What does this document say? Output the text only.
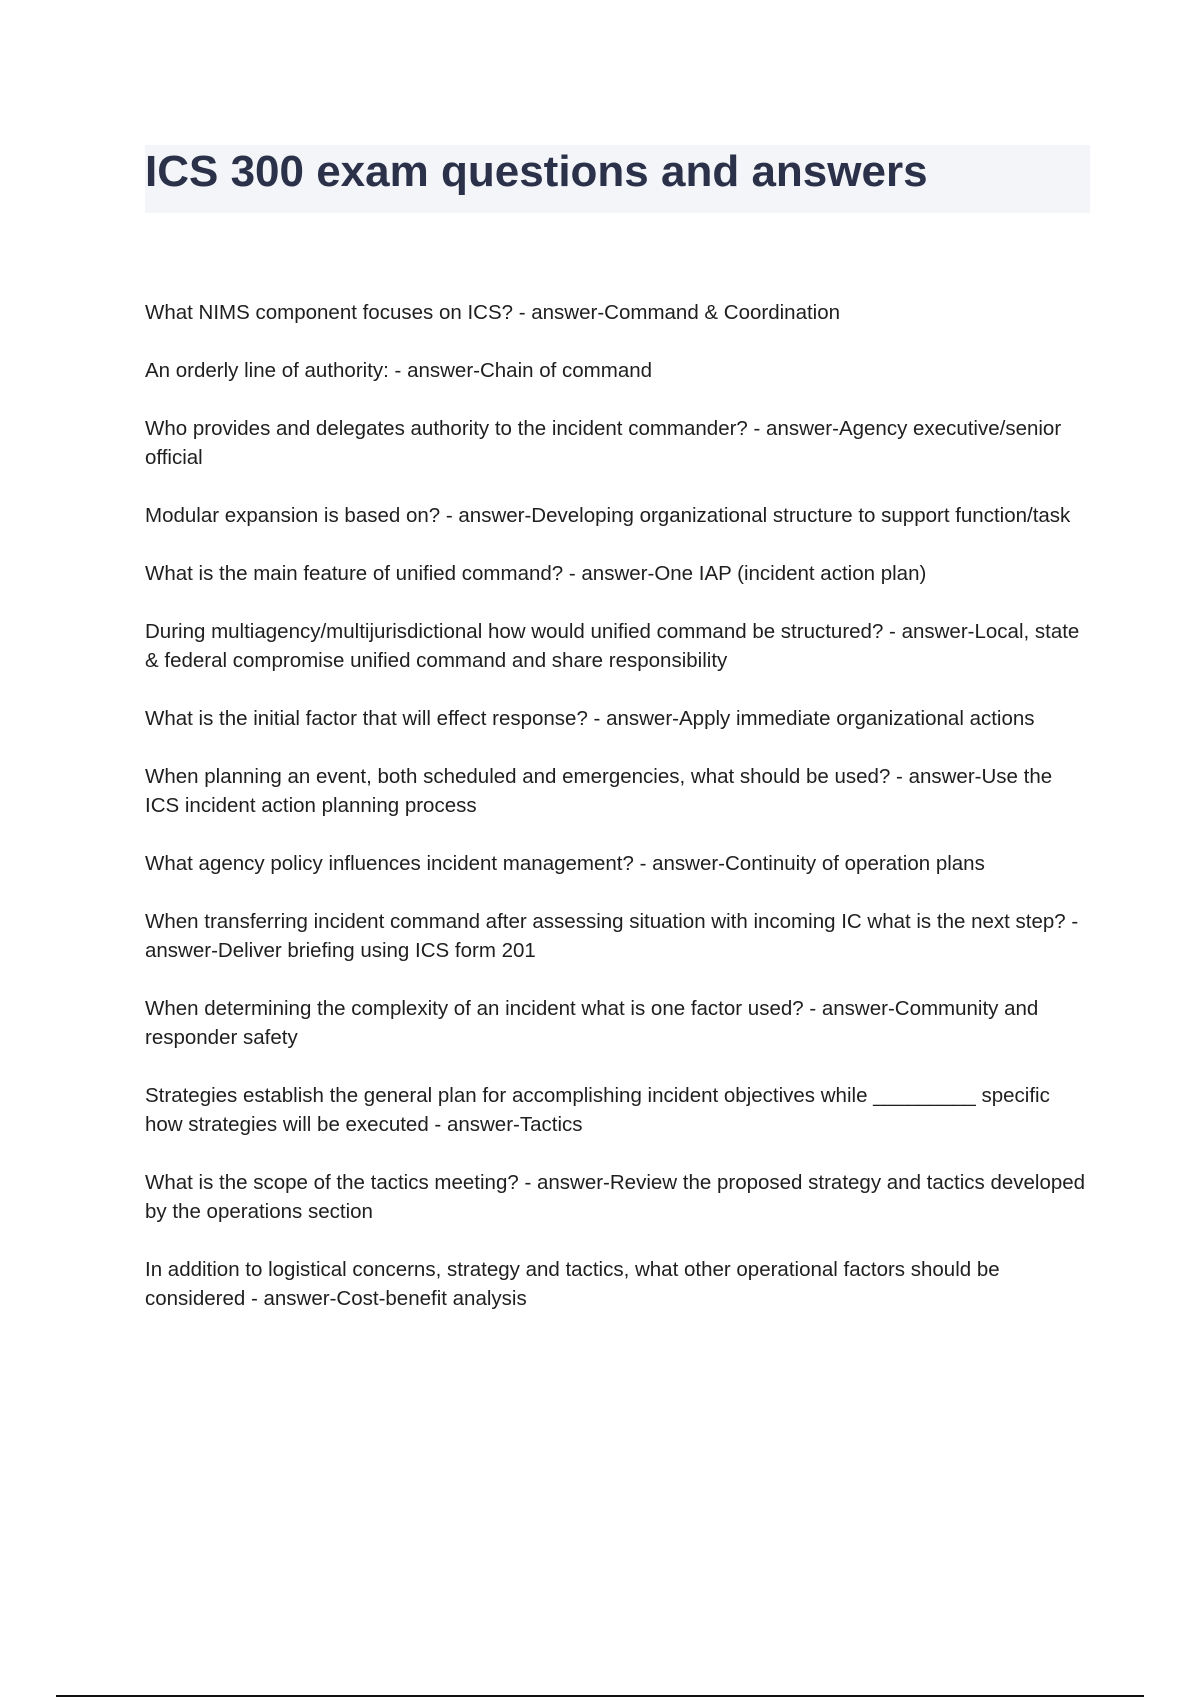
ICS 300 exam questions and answers

What NIMS component focuses on ICS? - answer-Command & Coordination

An orderly line of authority: - answer-Chain of command

Who provides and delegates authority to the incident commander? - answer-Agency executive/senior official

Modular expansion is based on? - answer-Developing organizational structure to support function/task

What is the main feature of unified command? - answer-One IAP (incident action plan)

During multiagency/multijurisdictional how would unified command be structured? - answer-Local, state & federal compromise unified command and share responsibility

What is the initial factor that will effect response? - answer-Apply immediate organizational actions

When planning an event, both scheduled and emergencies, what should be used? - answer-Use the ICS incident action planning process

What agency policy influences incident management? - answer-Continuity of operation plans

When transferring incident command after assessing situation with incoming IC what is the next step? - answer-Deliver briefing using ICS form 201

When determining the complexity of an incident what is one factor used? - answer-Community and responder safety

Strategies establish the general plan for accomplishing incident objectives while _________ specific how strategies will be executed - answer-Tactics

What is the scope of the tactics meeting? - answer-Review the proposed strategy and tactics developed by the operations section

In addition to logistical concerns, strategy and tactics, what other operational factors should be considered - answer-Cost-benefit analysis
